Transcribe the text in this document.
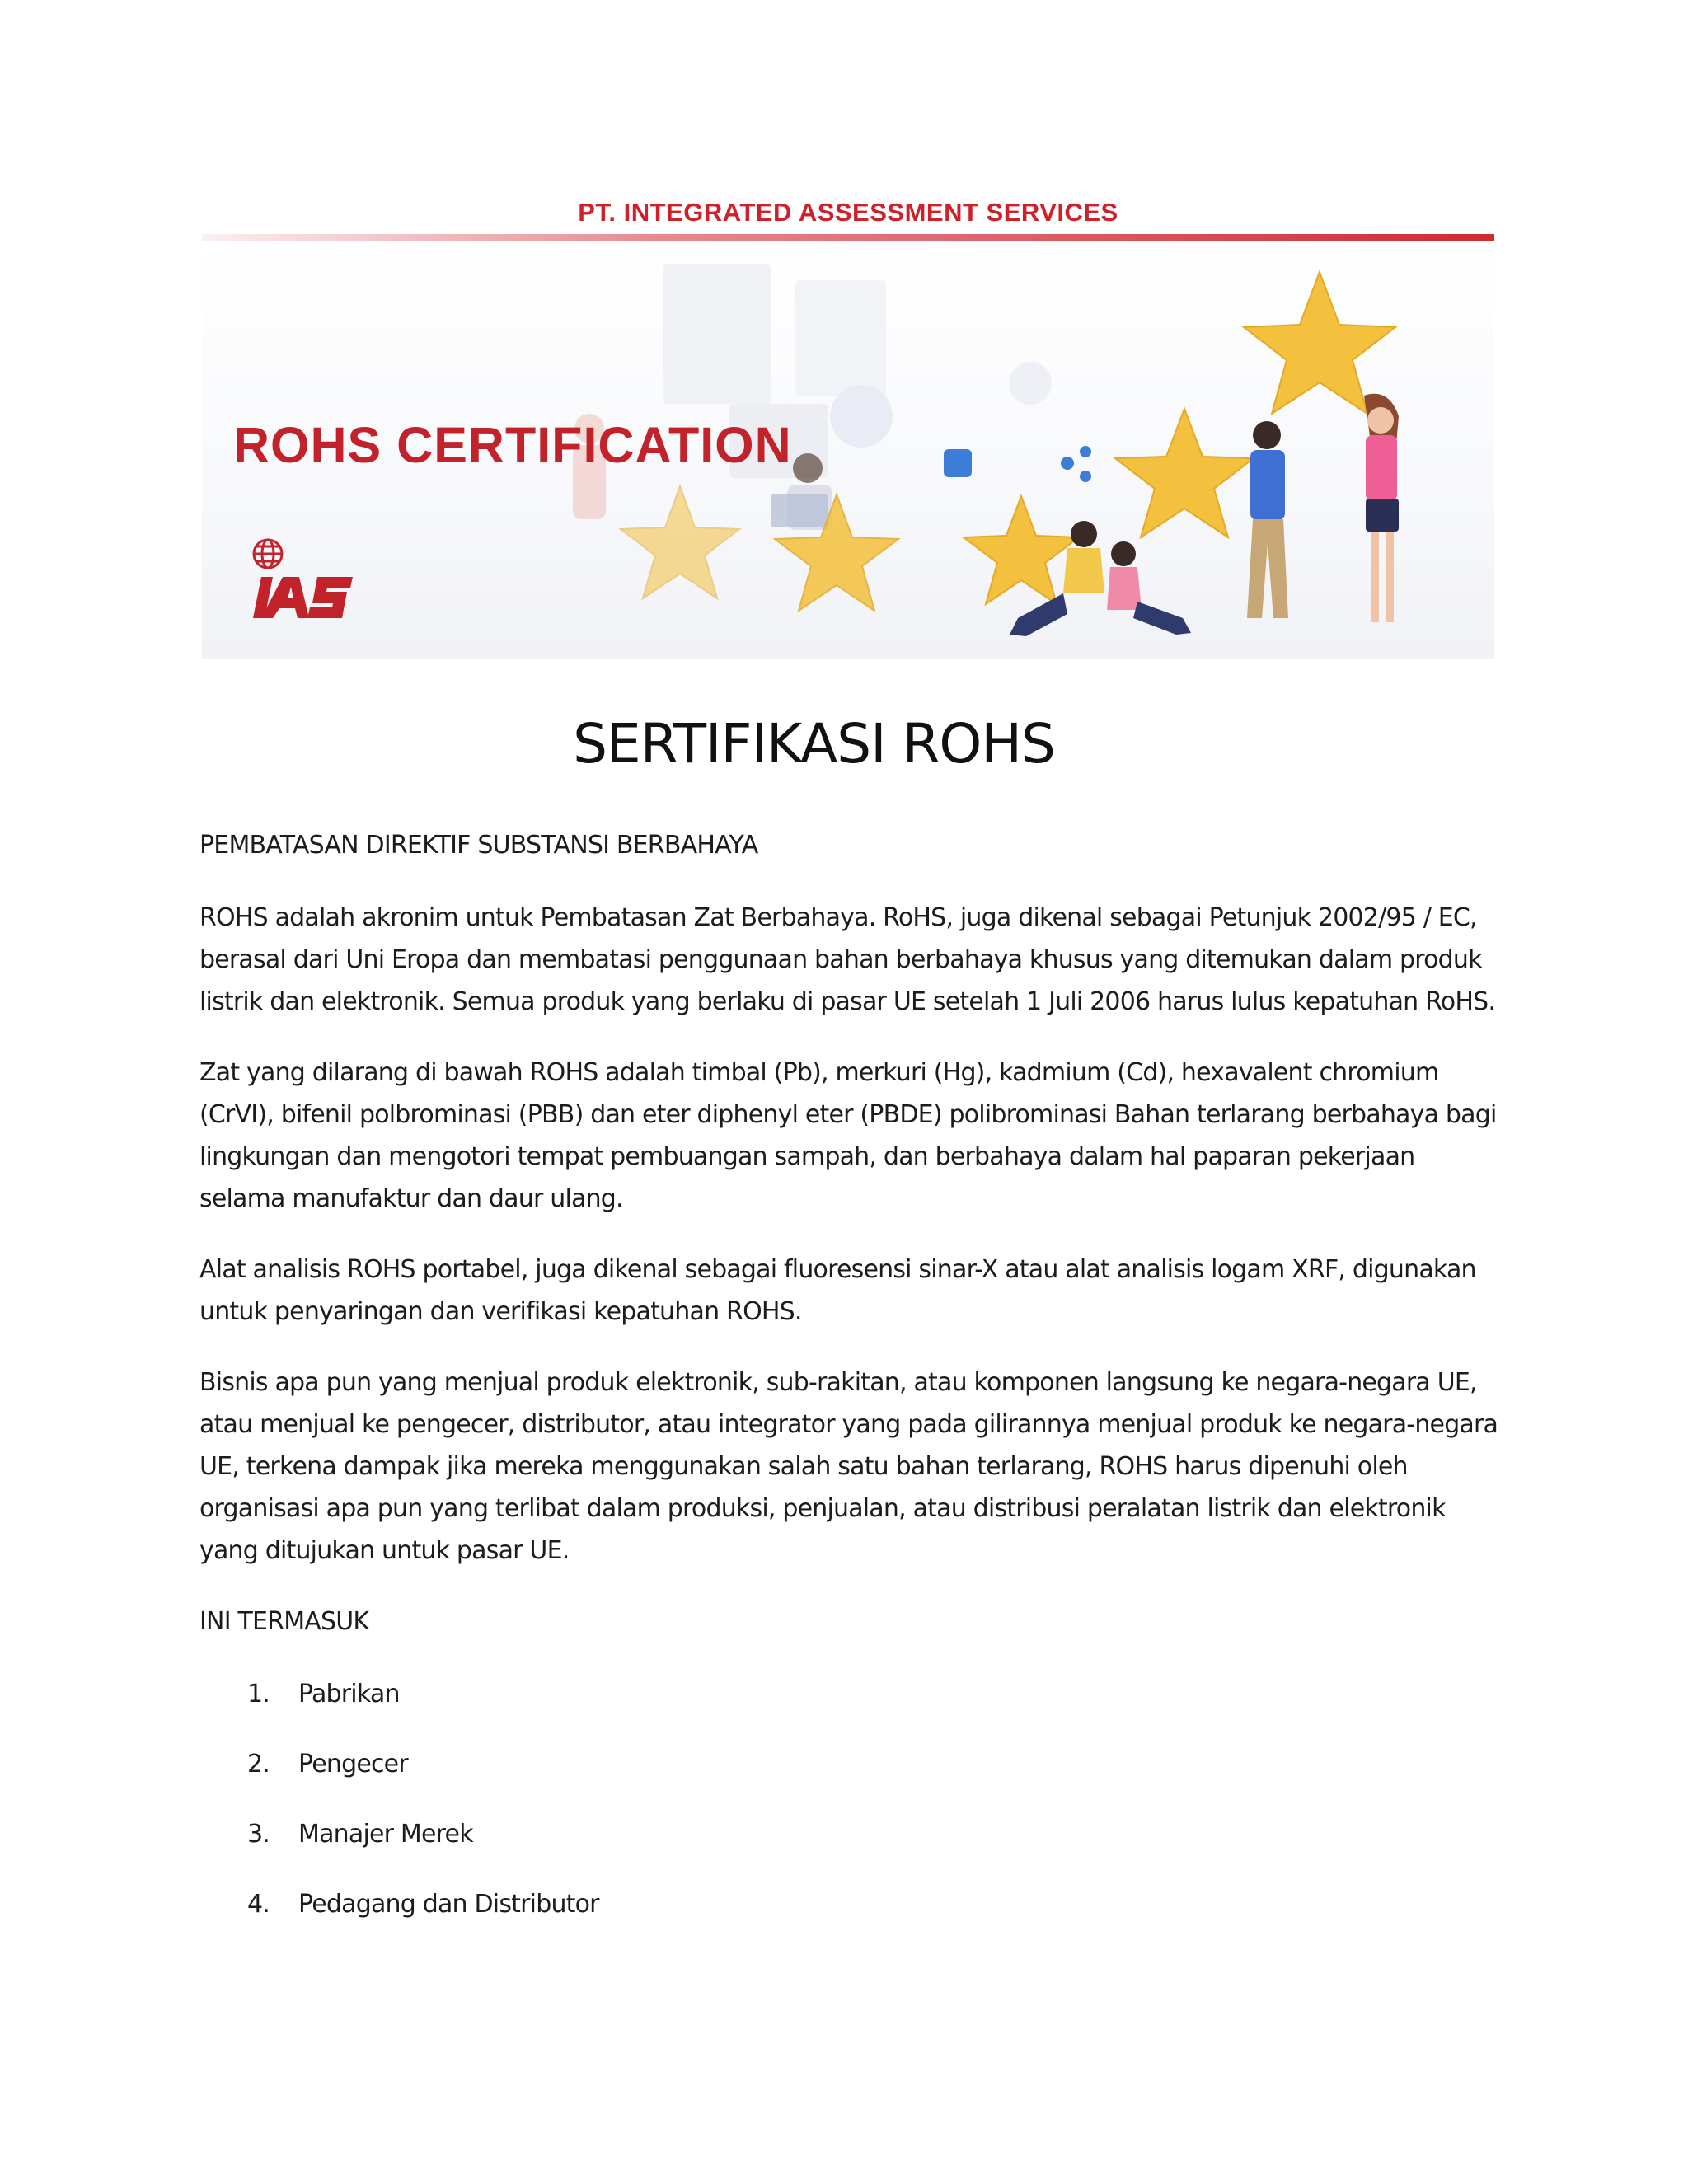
PT. INTEGRATED ASSESSMENT SERVICES
ROHS CERTIFICATION
SERTIFIKASI ROHS

PEMBATASAN DIREKTIF SUBSTANSI BERBAHAYA

ROHS adalah akronim untuk Pembatasan Zat Berbahaya. RoHS, juga dikenal sebagai Petunjuk 2002/95 / EC, berasal dari Uni Eropa dan membatasi penggunaan bahan berbahaya khusus yang ditemukan dalam produk listrik dan elektronik. Semua produk yang berlaku di pasar UE setelah 1 Juli 2006 harus lulus kepatuhan RoHS.

Zat yang dilarang di bawah ROHS adalah timbal (Pb), merkuri (Hg), kadmium (Cd), hexavalent chromium (CrVI), bifenil polbrominasi (PBB) dan eter diphenyl eter (PBDE) polibrominasi Bahan terlarang berbahaya bagi lingkungan dan mengotori tempat pembuangan sampah, dan berbahaya dalam hal paparan pekerjaan selama manufaktur dan daur ulang.

Alat analisis ROHS portabel, juga dikenal sebagai fluoresensi sinar-X atau alat analisis logam XRF, digunakan untuk penyaringan dan verifikasi kepatuhan ROHS.

Bisnis apa pun yang menjual produk elektronik, sub-rakitan, atau komponen langsung ke negara-negara UE, atau menjual ke pengecer, distributor, atau integrator yang pada gilirannya menjual produk ke negara-negara UE, terkena dampak jika mereka menggunakan salah satu bahan terlarang, ROHS harus dipenuhi oleh organisasi apa pun yang terlibat dalam produksi, penjualan, atau distribusi peralatan listrik dan elektronik yang ditujukan untuk pasar UE.

INI TERMASUK

1. Pabrikan
2. Pengecer
3. Manajer Merek
4. Pedagang dan Distributor
